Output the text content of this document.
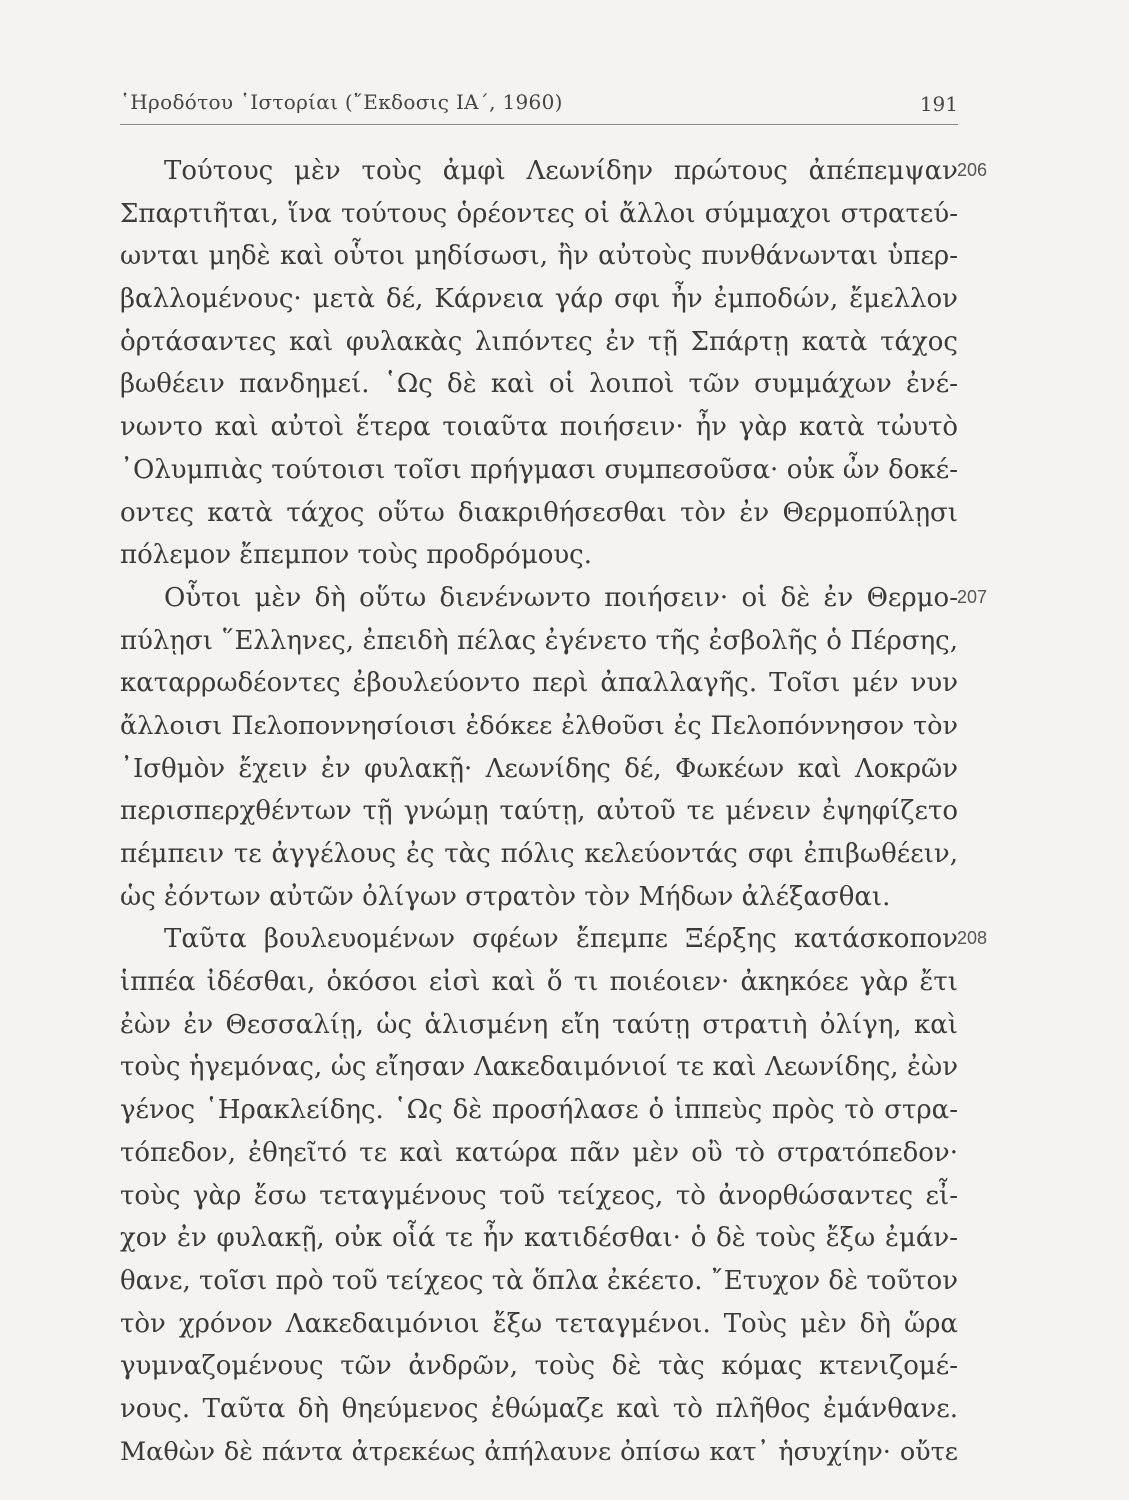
῾Ηροδότου ῾Ιστορίαι (῎Εκδοσις ΙΑ΄, 1960)	191
206
207
208
Τούτους μὲν τοὺς ἀμφὶ Λεωνίδην πρώτους ἀπέπεμψαν
Σπαρτιῆται, ἵνα τούτους ὁρέοντες οἱ ἄλλοι σύμμαχοι στρατεύ-
ωνται μηδὲ καὶ οὗτοι μηδίσωσι, ἢν αὐτοὺς πυνθάνωνται ὑπερ-
βαλλομένους· μετὰ δέ, Κάρνεια γάρ σφι ἦν ἐμποδών, ἔμελλον
ὁρτάσαντες καὶ φυλακὰς λιπόντες ἐν τῇ Σπάρτῃ κατὰ τάχος
βωθέειν πανδημεί. ῾Ως δὲ καὶ οἱ λοιποὶ τῶν συμμάχων ἐνέ-
νωντο καὶ αὐτοὶ ἕτερα τοιαῦτα ποιήσειν· ἦν γὰρ κατὰ τὠυτὸ
᾿Ολυμπιὰς τούτοισι τοῖσι πρήγμασι συμπεσοῦσα· οὐκ ὦν δοκέ-
οντες κατὰ τάχος οὕτω διακριθήσεσθαι τὸν ἐν Θερμοπύλῃσι
πόλεμον ἔπεμπον τοὺς προδρόμους.
Οὗτοι μὲν δὴ οὕτω διενένωντο ποιήσειν· οἱ δὲ ἐν Θερμο-
πύλῃσι ῞Ελληνες, ἐπειδὴ πέλας ἐγένετο τῆς ἐσβολῆς ὁ Πέρσης,
καταρρωδέοντες ἐβουλεύοντο περὶ ἀπαλλαγῆς. Τοῖσι μέν νυν
ἄλλοισι Πελοποννησίοισι ἐδόκεε ἐλθοῦσι ἐς Πελοπόννησον τὸν
᾿Ισθμὸν ἔχειν ἐν φυλακῇ· Λεωνίδης δέ, Φωκέων καὶ Λοκρῶν
περισπερχθέντων τῇ γνώμῃ ταύτῃ, αὐτοῦ τε μένειν ἐψηφίζετο
πέμπειν τε ἀγγέλους ἐς τὰς πόλις κελεύοντάς σφι ἐπιβωθέειν,
ὡς ἐόντων αὐτῶν ὀλίγων στρατὸν τὸν Μήδων ἀλέξασθαι.
Ταῦτα βουλευομένων σφέων ἔπεμπε Ξέρξης κατάσκοπον
ἱππέα ἰδέσθαι, ὁκόσοι εἰσὶ καὶ ὅ τι ποιέοιεν· ἀκηκόεε γὰρ ἔτι
ἐὼν ἐν Θεσσαλίῃ, ὡς ἁλισμένη εἴη ταύτῃ στρατιὴ ὀλίγη, καὶ
τοὺς ἡγεμόνας, ὡς εἴησαν Λακεδαιμόνιοί τε καὶ Λεωνίδης, ἐὼν
γένος ῾Ηρακλείδης. ῾Ως δὲ προσήλασε ὁ ἱππεὺς πρὸς τὸ στρα-
τόπεδον, ἐθηεῖτό τε καὶ κατώρα πᾶν μὲν οὒ τὸ στρατόπεδον·
τοὺς γὰρ ἔσω τεταγμένους τοῦ τείχεος, τὸ ἀνορθώσαντες εἶ-
χον ἐν φυλακῇ, οὐκ οἷά τε ἦν κατιδέσθαι· ὁ δὲ τοὺς ἔξω ἐμάν-
θανε, τοῖσι πρὸ τοῦ τείχεος τὰ ὅπλα ἐκέετο. ῎Ετυχον δὲ τοῦτον
τὸν χρόνον Λακεδαιμόνιοι ἔξω τεταγμένοι. Τοὺς μὲν δὴ ὥρα
γυμναζομένους τῶν ἀνδρῶν, τοὺς δὲ τὰς κόμας κτενιζομέ-
νους. Ταῦτα δὴ θηεύμενος ἐθώμαζε καὶ τὸ πλῆθος ἐμάνθανε.
Μαθὼν δὲ πάντα ἀτρεκέως ἀπήλαυνε ὀπίσω κατ᾿ ἡσυχίην· οὔτε
